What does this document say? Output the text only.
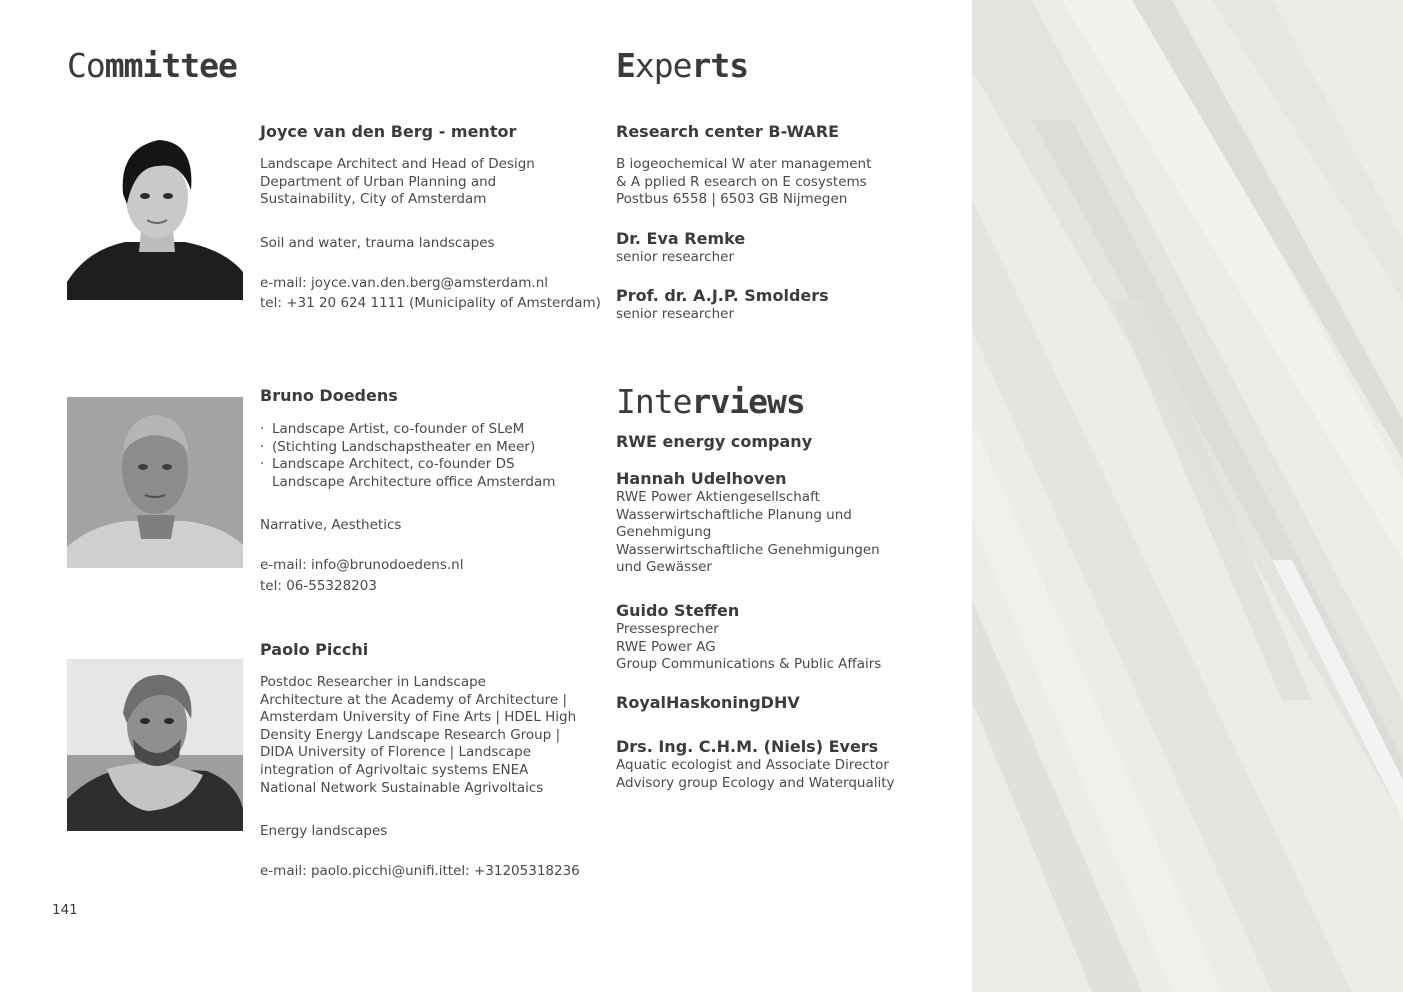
Committee

Joyce van den Berg - mentor

Landscape Architect and Head of Design
Department of Urban Planning and
Sustainability, City of Amsterdam

Soil and water, trauma landscapes

e-mail: joyce.van.den.berg@amsterdam.nl

tel: +31 20 624 1111 (Municipality of Amsterdam)

Bruno Doedens

· Landscape Artist, co-founder of SLeM
· (Stichting Landschapstheater en Meer)
· Landscape Architect, co-founder DS
Landscape Architecture office Amsterdam

Narrative, Aesthetics

e-mail: info@brunodoedens.nl

tel: 06-55328203

Paolo Picchi

Postdoc Researcher in Landscape
Architecture at the Academy of Architecture |
Amsterdam University of Fine Arts | HDEL High
Density Energy Landscape Research Group |
DIDA University of Florence | Landscape
integration of Agrivoltaic systems ENEA
National Network Sustainable Agrivoltaics

Energy landscapes

e-mail: paolo.picchi@unifi.ittel: +31205318236

Experts

Research center B-WARE

B iogeochemical W ater management
& A pplied R esearch on E cosystems
Postbus 6558 | 6503 GB Nijmegen

Dr. Eva Remke

senior researcher

Prof. dr. A.J.P. Smolders

senior researcher

Interviews

RWE energy company

Hannah Udelhoven

RWE Power Aktiengesellschaft
Wasserwirtschaftliche Planung und
Genehmigung
Wasserwirtschaftliche Genehmigungen
und Gewässer

Guido Steffen

Pressesprecher
RWE Power AG
Group Communications & Public Affairs

RoyalHaskoningDHV

Drs. Ing. C.H.M. (Niels) Evers

Aquatic ecologist and Associate Director
Advisory group Ecology and Waterquality

141
